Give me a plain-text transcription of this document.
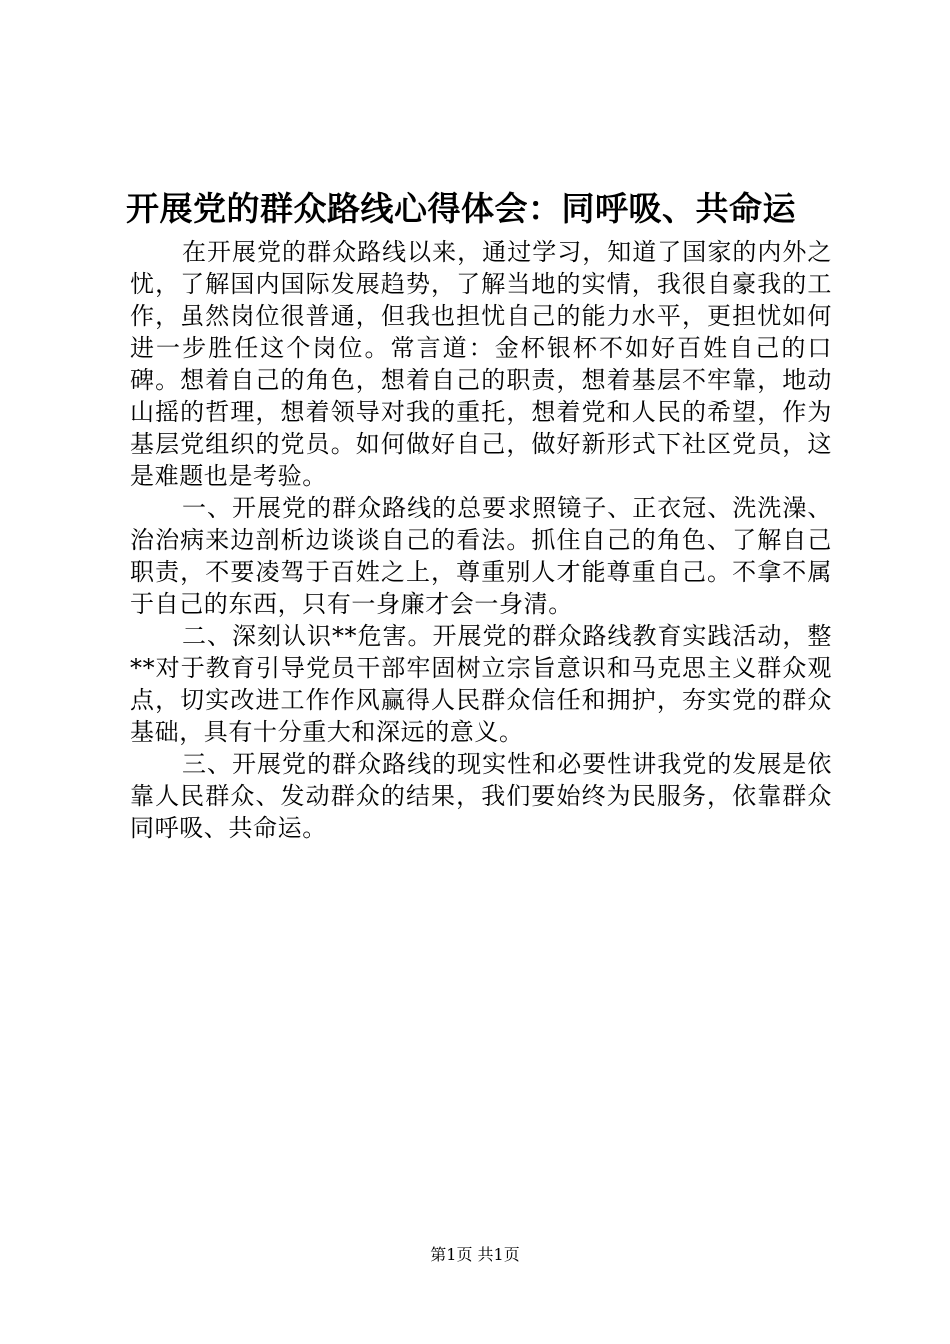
开展党的群众路线心得体会：同呼吸、共命运

在开展党的群众路线以来，通过学习，知道了国家的内外之忧，了解国内国际发展趋势，了解当地的实情，我很自豪我的工作，虽然岗位很普通，但我也担忧自己的能力水平，更担忧如何进一步胜任这个岗位。常言道：金杯银杯不如好百姓自己的口碑。想着自己的角色，想着自己的职责，想着基层不牢靠，地动山摇的哲理，想着领导对我的重托，想着党和人民的希望，作为基层党组织的党员。如何做好自己，做好新形式下社区党员，这是难题也是考验。

一、开展党的群众路线的总要求照镜子、正衣冠、洗洗澡、治治病来边剖析边谈谈自己的看法。抓住自己的角色、了解自己职责，不要凌驾于百姓之上，尊重别人才能尊重自己。不拿不属于自己的东西，只有一身廉才会一身清。

二、深刻认识**危害。开展党的群众路线教育实践活动，整**对于教育引导党员干部牢固树立宗旨意识和马克思主义群众观点，切实改进工作作风赢得人民群众信任和拥护，夯实党的群众基础，具有十分重大和深远的意义。

三、开展党的群众路线的现实性和必要性讲我党的发展是依靠人民群众、发动群众的结果，我们要始终为民服务，依靠群众同呼吸、共命运。

第1页 共1页
